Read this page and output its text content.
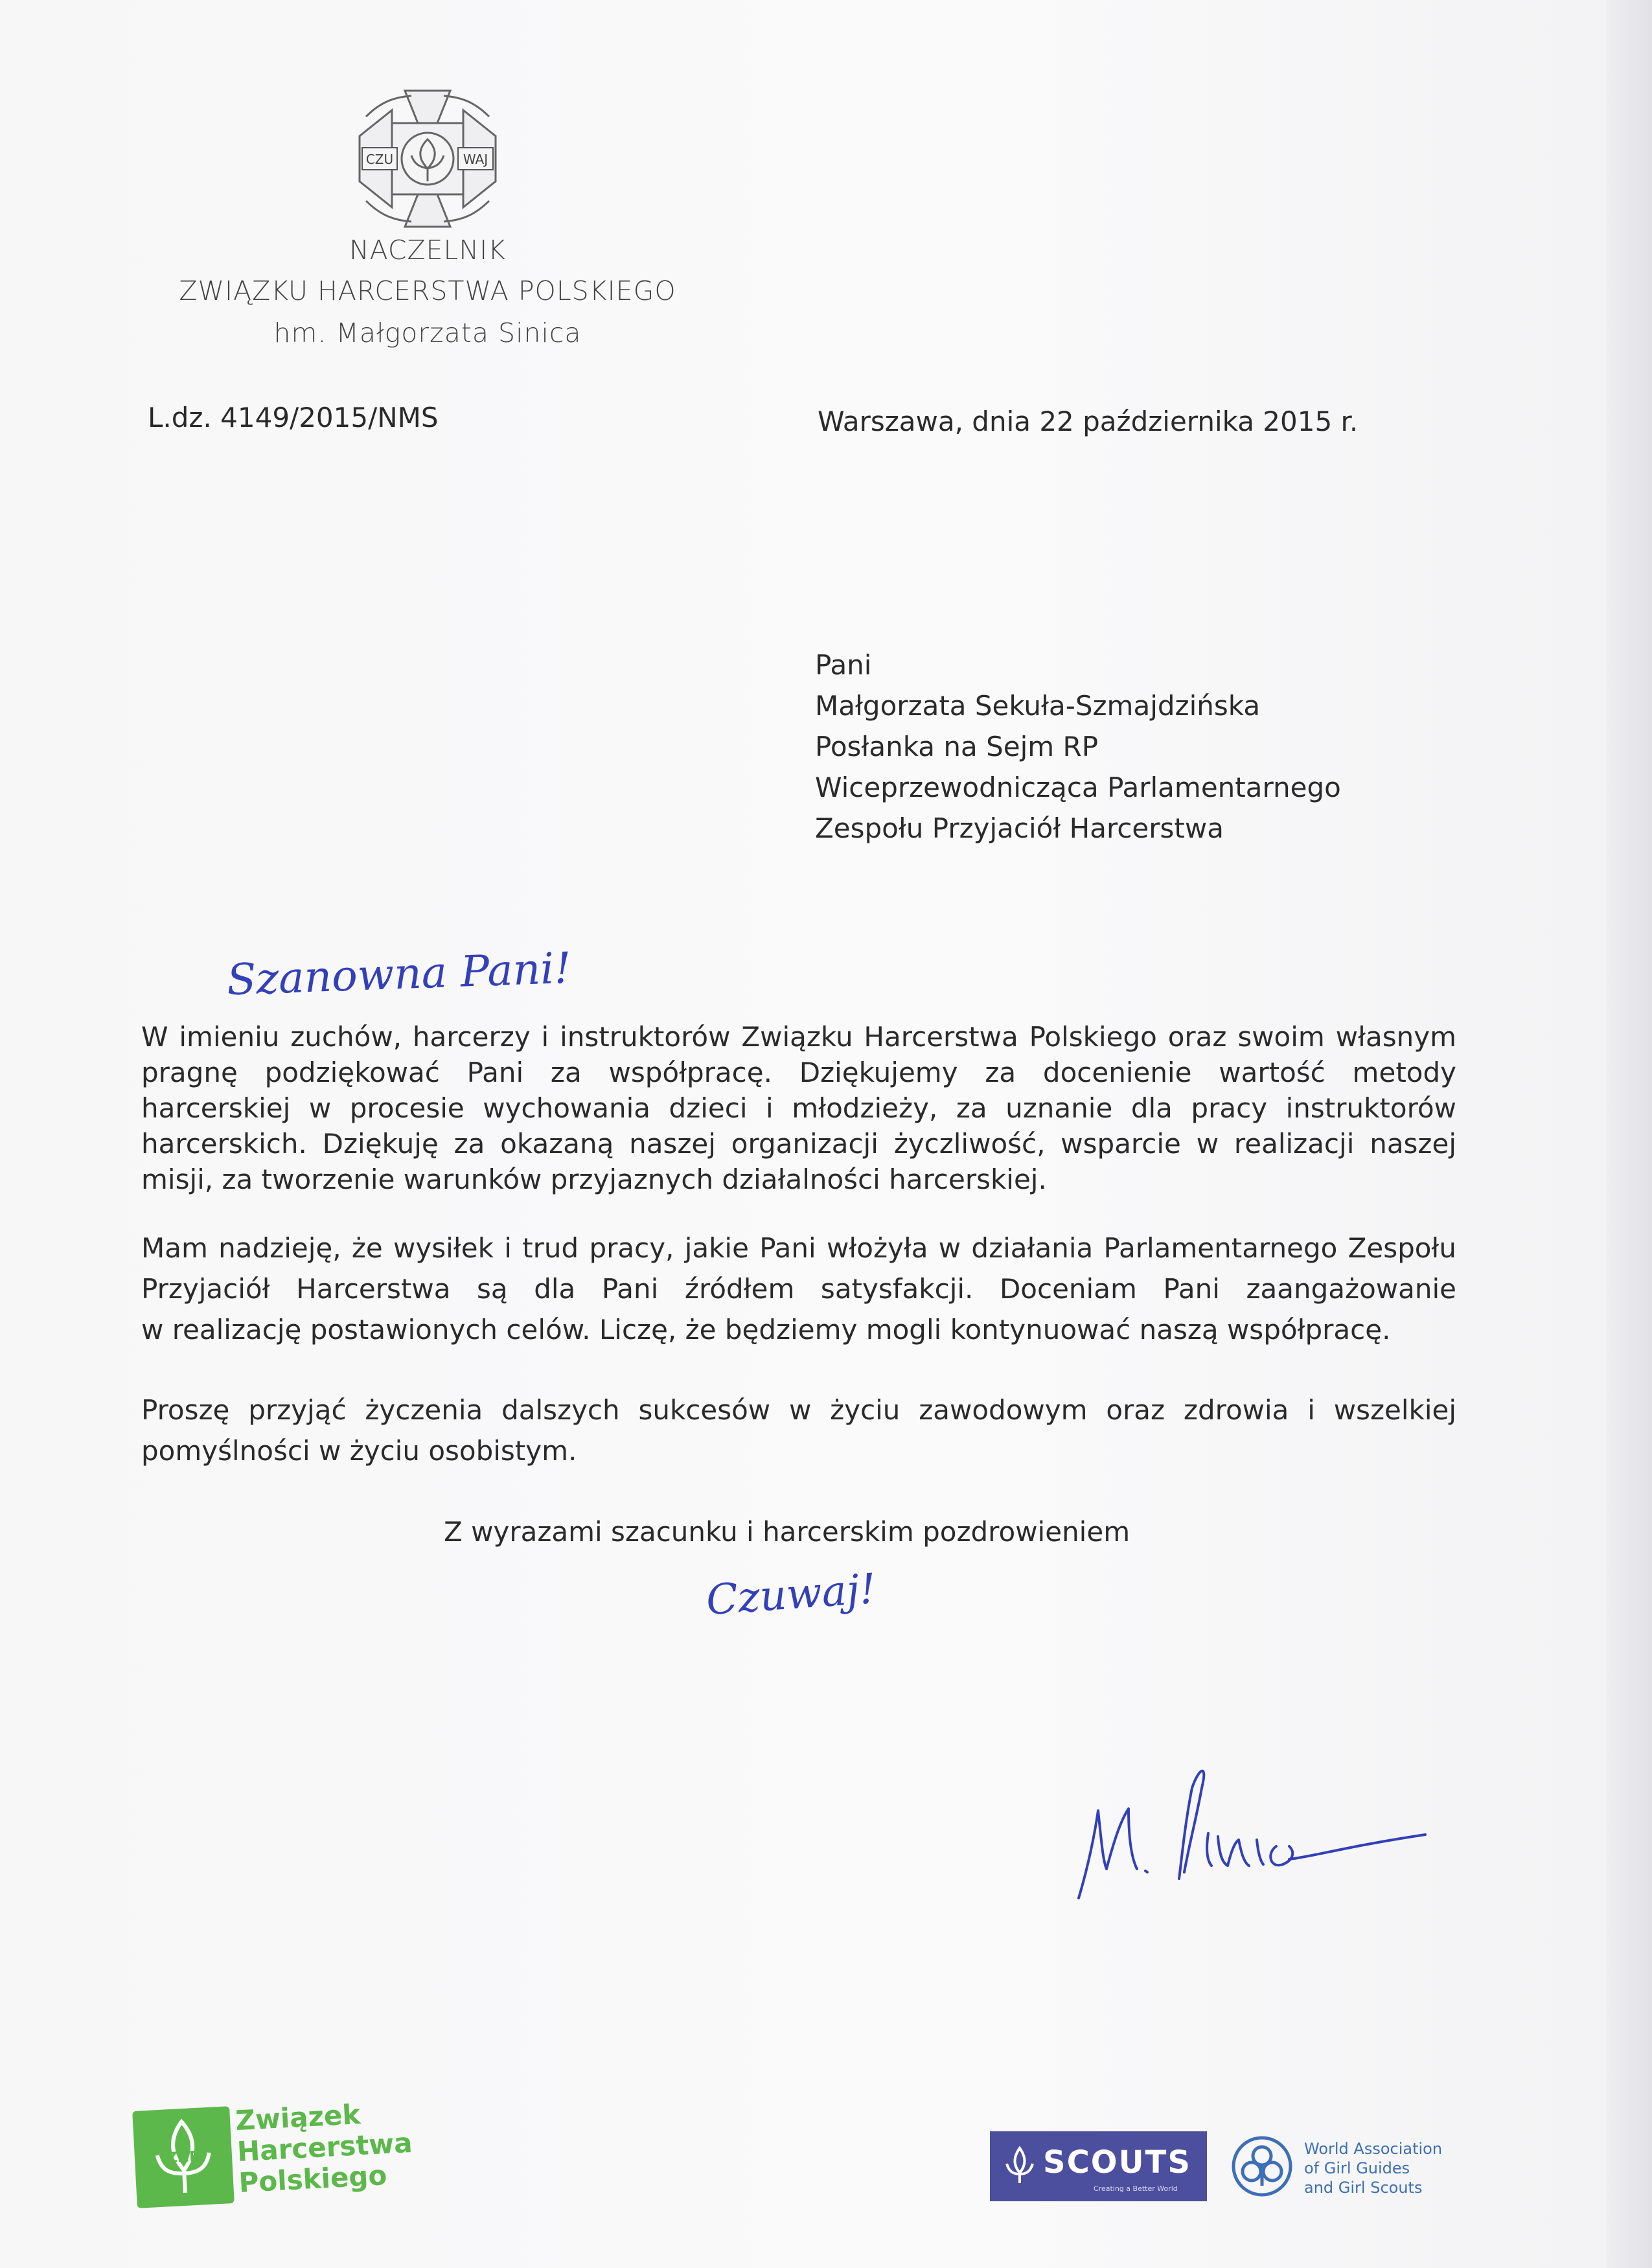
CZU	WAJ
NACZELNIK
ZWIĄZKU HARCERSTWA POLSKIEGO
hm. Małgorzata Sinica
L.dz. 4149/2015/NMS	Warszawa, dnia 22 października 2015 r.
Pani
Małgorzata Sekuła-Szmajdzińska
Posłanka na Sejm RP
Wiceprzewodnicząca Parlamentarnego
Zespołu Przyjaciół Harcerstwa
Szanowna Pani!
W imieniu zuchów, harcerzy i instruktorów Związku Harcerstwa Polskiego oraz swoim własnym
pragnę podziękować Pani za współpracę. Dziękujemy za docenienie wartość metody
harcerskiej w procesie wychowania dzieci i młodzieży, za uznanie dla pracy instruktorów
harcerskich. Dziękuję za okazaną naszej organizacji życzliwość, wsparcie w realizacji naszej
misji, za tworzenie warunków przyjaznych działalności harcerskiej.
Mam nadzieję, że wysiłek i trud pracy, jakie Pani włożyła w działania Parlamentarnego Zespołu
Przyjaciół Harcerstwa są dla Pani źródłem satysfakcji. Doceniam Pani zaangażowanie
w realizację postawionych celów. Liczę, że będziemy mogli kontynuować naszą współpracę.
Proszę przyjąć życzenia dalszych sukcesów w życiu zawodowym oraz zdrowia i wszelkiej
pomyślności w życiu osobistym.
Z wyrazami szacunku i harcerskim pozdrowieniem
Czuwaj!
ZHP
Związek
Harcerstwa
Polskiego	SCOUTS
Creating a Better World
World Association
of Girl Guides
and Girl Scouts
